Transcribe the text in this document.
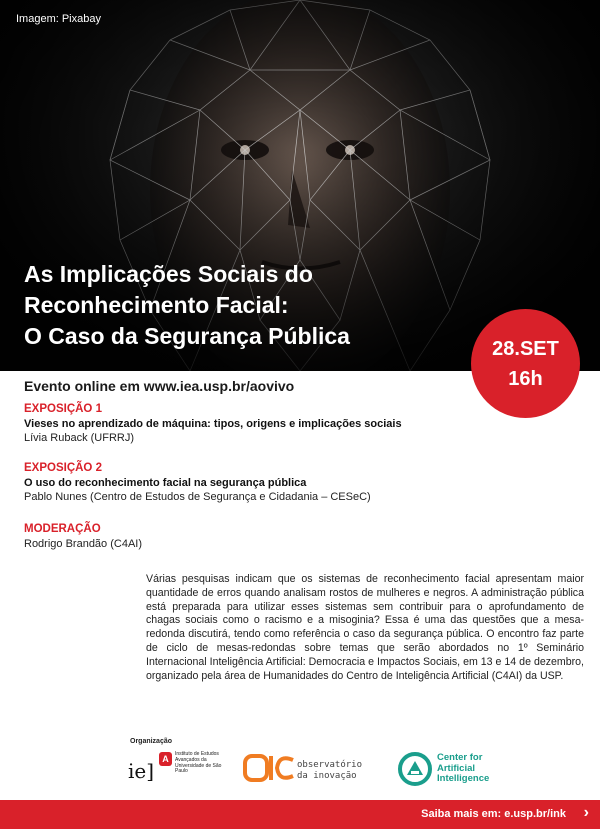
Imagem: Pixabay
As Implicações Sociais do
Reconhecimento Facial:
O Caso da Segurança Pública	28.SET
16h
Evento online em www.iea.usp.br/aovivo
EXPOSIÇÃO 1
Vieses no aprendizado de máquina: tipos, origens e implicações sociais
Lívia Ruback (UFRRJ)
EXPOSIÇÃO 2
O uso do reconhecimento facial na segurança pública
Pablo Nunes (Centro de Estudos de Segurança e Cidadania – CESeC)
MODERAÇÃO
Rodrigo Brandão (C4AI)
Várias pesquisas indicam que os sistemas de reconhecimento facial apresentam maior quantidade de erros quando analisam rostos de mulheres e negros. A administração pública está preparada para utilizar esses sistemas sem contribuir para o aprofundamento de chagas sociais como o racismo e a misoginia? Essa é uma das questões que a mesa-redonda discutirá, tendo como referência o caso da segurança pública. O encontro faz parte de ciclo de mesas-redondas sobre temas que serão abordados no 1º Seminário Internacional Inteligência Artificial: Democracia e Impactos Sociais, em 13 e 14 de dezembro, organizado pela área de Humanidades do Centro de Inteligência Artificial (C4AI) da USP.
Organização
ie] A	Instituto de Estudos Avançados da Universidade de São Paulo
observatório
da inovação
Center for
Artificial
Intelligence
Saiba mais em: e.usp.br/ink ›
